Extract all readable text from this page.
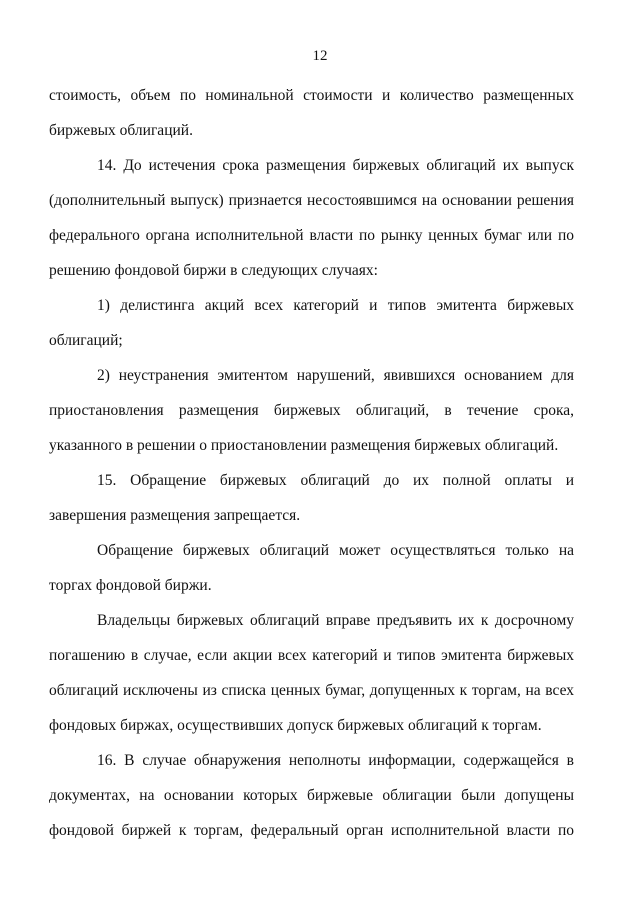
12
стоимость, объем по номинальной стоимости и количество размещенных
биржевых облигаций.
14. До истечения срока размещения биржевых облигаций их выпуск
(дополнительный выпуск) признается несостоявшимся на основании решения
федерального органа исполнительной власти по рынку ценных бумаг или по
решению фондовой биржи в следующих случаях:
1) делистинга акций всех категорий и типов эмитента биржевых
облигаций;
2) неустранения эмитентом нарушений, явившихся основанием для
приостановления размещения биржевых облигаций, в течение срока,
указанного в решении о приостановлении размещения биржевых облигаций.
15. Обращение биржевых облигаций до их полной оплаты и
завершения размещения запрещается.
Обращение биржевых облигаций может осуществляться только на
торгах фондовой биржи.
Владельцы биржевых облигаций вправе предъявить их к досрочному
погашению в случае, если акции всех категорий и типов эмитента биржевых
облигаций исключены из списка ценных бумаг, допущенных к торгам, на всех
фондовых биржах, осуществивших допуск биржевых облигаций к торгам.
16. В случае обнаружения неполноты информации, содержащейся в
документах, на основании которых биржевые облигации были допущены
фондовой биржей к торгам, федеральный орган исполнительной власти по
